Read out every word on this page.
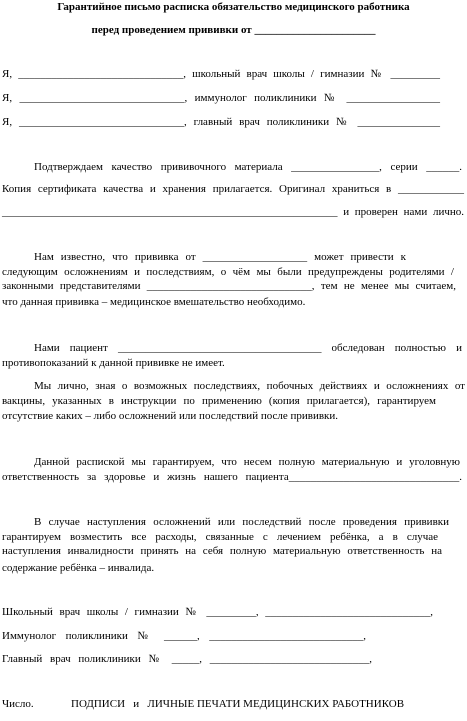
Гарантийное письмо расписка обязательство медицинского работника
перед проведением прививки от ______________________
Я, ______________________________, школьный врач школы / гимназии № _________
Я, ______________________________, иммунолог поликлиники № _________________
Я, ______________________________, главный врач поликлиники № _______________
Подтверждаем качество прививочного материала ________________, серии ______.
Копия сертификата качества и хранения прилагается. Оригинал храниться в ____________
_____________________________________________________________ и проверен нами лично.
Нам известно, что прививка от ___________________ может привести к
следующим осложнениям и последствиям, о чём мы были предупреждены родителями /
законными представителями ______________________________, тем не менее мы считаем,
что данная прививка – медицинское вмешательство необходимо.
Нами пациент _____________________________________ обследован полностью и
противопоказаний к данной прививке не имеет.
Мы лично, зная о возможных последствиях, побочных действиях и осложнениях от
вакцины, указанных в инструкции по применению (копия прилагается), гарантируем
отсутствие каких – либо осложнений или последствий после прививки.
Данной распиской мы гарантируем, что несем полную материальную и уголовную
ответственность за здоровье и жизнь нашего пациента_______________________________.
В случае наступления осложнений или последствий после проведения прививки
гарантируем возместить все расходы, связанные с лечением ребёнка, а в случае
наступления инвалидности принять на себя полную материальную ответственность на
содержание ребёнка – инвалида.
Школьный врач школы / гимназии № _________, ______________________________,
Иммунолог поликлиники № ______, ____________________________,
Главный врач поликлиники № _____, _____________________________,
Число.	ПОДПИСИ   и   ЛИЧНЫЕ ПЕЧАТИ МЕДИЦИНСКИХ РАБОТНИКОВ
